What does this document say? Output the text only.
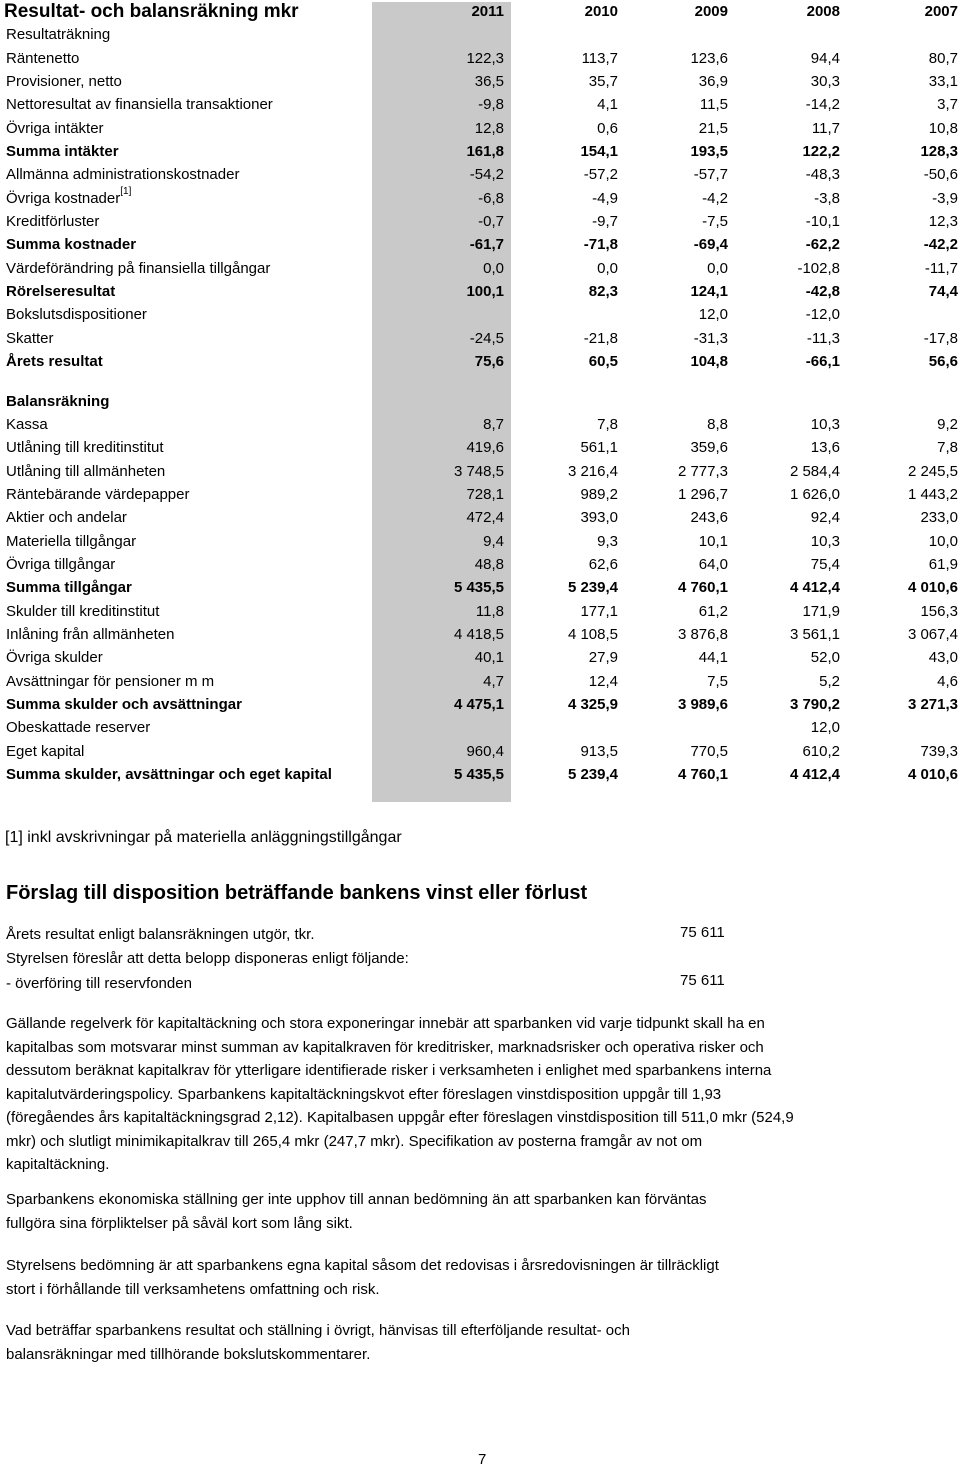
Resultat- och balansräkning mkr	2011	2010	2009	2008	2007
Resultaträkning					
Räntenetto	122,3	113,7	123,6	94,4	80,7
Provisioner, netto	36,5	35,7	36,9	30,3	33,1
Nettoresultat av finansiella transaktioner	-9,8	4,1	11,5	-14,2	3,7
Övriga intäkter	12,8	0,6	21,5	11,7	10,8
Summa intäkter	161,8	154,1	193,5	122,2	128,3
Allmänna administrationskostnader	-54,2	-57,2	-57,7	-48,3	-50,6
Övriga kostnader[1]	-6,8	-4,9	-4,2	-3,8	-3,9
Kreditförluster	-0,7	-9,7	-7,5	-10,1	12,3
Summa kostnader	-61,7	-71,8	-69,4	-62,2	-42,2
Värdeförändring på finansiella tillgångar	0,0	0,0	0,0	-102,8	-11,7
Rörelseresultat	100,1	82,3	124,1	-42,8	74,4
Bokslutsdispositioner			12,0	-12,0	
Skatter	-24,5	-21,8	-31,3	-11,3	-17,8
Årets resultat	75,6	60,5	104,8	-66,1	56,6

Balansräkning					
Kassa	8,7	7,8	8,8	10,3	9,2
Utlåning till kreditinstitut	419,6	561,1	359,6	13,6	7,8
Utlåning till allmänheten	3 748,5	3 216,4	2 777,3	2 584,4	2 245,5
Räntebärande värdepapper	728,1	989,2	1 296,7	1 626,0	1 443,2
Aktier och andelar	472,4	393,0	243,6	92,4	233,0
Materiella tillgångar	9,4	9,3	10,1	10,3	10,0
Övriga tillgångar	48,8	62,6	64,0	75,4	61,9
Summa tillgångar	5 435,5	5 239,4	4 760,1	4 412,4	4 010,6
Skulder till kreditinstitut	11,8	177,1	61,2	171,9	156,3
Inlåning från allmänheten	4 418,5	4 108,5	3 876,8	3 561,1	3 067,4
Övriga skulder	40,1	27,9	44,1	52,0	43,0
Avsättningar för pensioner m m	4,7	12,4	7,5	5,2	4,6
Summa skulder och avsättningar	4 475,1	4 325,9	3 989,6	3 790,2	3 271,3
Obeskattade reserver				12,0	
Eget kapital	960,4	913,5	770,5	610,2	739,3
Summa skulder, avsättningar och eget kapital	5 435,5	5 239,4	4 760,1	4 412,4	4 010,6
[1] inkl avskrivningar på materiella anläggningstillgångar
Förslag till disposition beträffande bankens vinst eller förlust
Årets resultat enligt balansräkningen utgör, tkr.	75 611
Styrelsen föreslår att detta belopp disponeras enligt följande:
- överföring till reservfonden	75 611

Gällande regelverk för kapitaltäckning och stora exponeringar innebär att sparbanken vid varje tidpunkt skall ha en kapitalbas som motsvarar minst summan av kapitalkraven för kreditrisker, marknadsrisker och operativa risker och dessutom beräknat kapitalkrav för ytterligare identifierade risker i verksamheten i enlighet med sparbankens interna kapitalutvärderingspolicy. Sparbankens kapitaltäckningskvot efter föreslagen vinstdisposition uppgår till 1,93 (föregåendes års kapitaltäckningsgrad 2,12). Kapitalbasen uppgår efter föreslagen vinstdisposition till 511,0 mkr (524,9 mkr) och slutligt minimikapitalkrav till 265,4 mkr (247,7 mkr). Specifikation av posterna framgår av not om kapitaltäckning.

Sparbankens ekonomiska ställning ger inte upphov till annan bedömning än att sparbanken kan förväntas fullgöra sina förpliktelser på såväl kort som lång sikt.

Styrelsens bedömning är att sparbankens egna kapital såsom det redovisas i årsredovisningen är tillräckligt stort i förhållande till verksamhetens omfattning och risk.

Vad beträffar sparbankens resultat och ställning i övrigt, hänvisas till efterföljande resultat- och balansräkningar med tillhörande bokslutskommentarer.

7
